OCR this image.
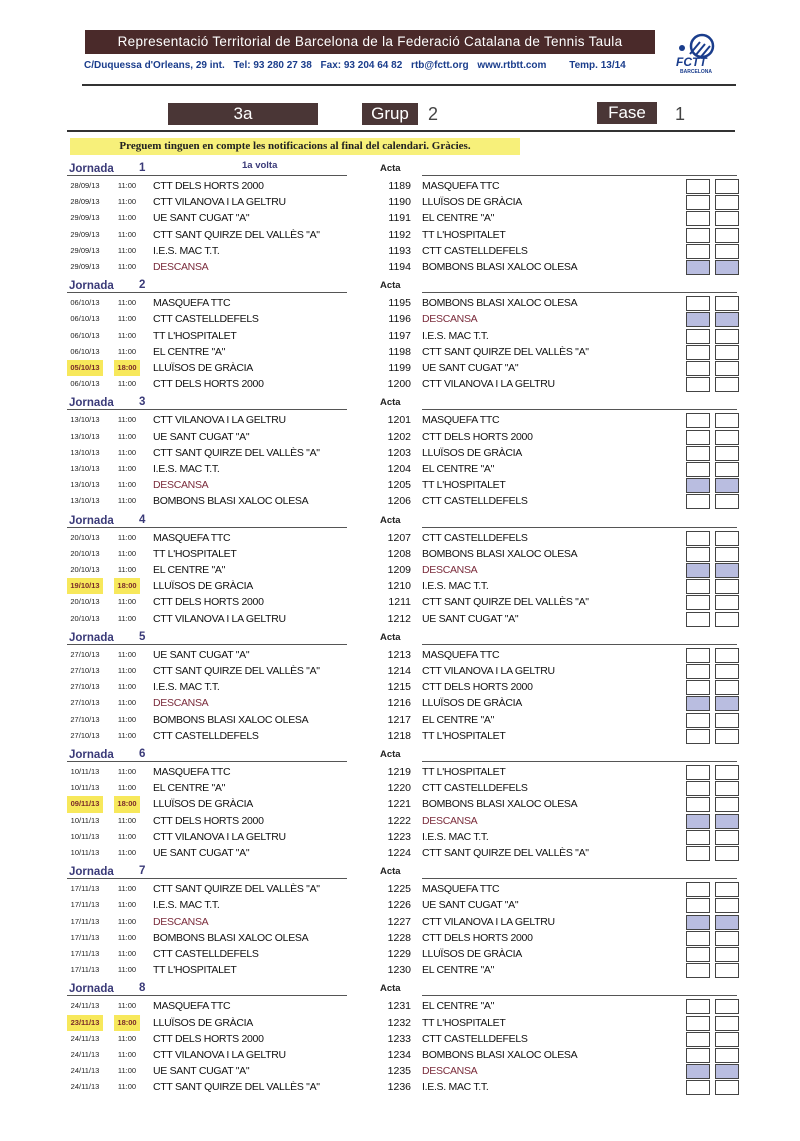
Representació Territorial de Barcelona de la Federació Catalana de Tennis Taula
C/Duquessa d'Orleans, 29 int. Tel: 93 280 27 38 Fax: 93 204 64 82 rtb@fctt.org www.rtbtt.com Temp. 13/14	FCTT
BARCELONA
3a	Grup	2	Fase	1
Preguem tinguen en compte les notificacions al final del calendari. Gràcies.
Jornada 1	1a volta	Acta
28/09/13	11:00	CTT DELS HORTS 2000	1189 MASQUEFA TTC
28/09/13	11:00	CTT VILANOVA I LA GELTRU	1190 LLUÏSOS DE GRÀCIA
29/09/13	11:00	UE SANT CUGAT "A"	1191 EL CENTRE "A"
29/09/13	11:00	CTT SANT QUIRZE DEL VALLÈS "A"	1192 TT L'HOSPITALET
29/09/13	11:00	I.E.S. MAC T.T.	1193 CTT CASTELLDEFELS
29/09/13	11:00	DESCANSA	1194 BOMBONS BLASI XALOC OLESA
Jornada 2	Acta
06/10/13	11:00	MASQUEFA TTC	1195 BOMBONS BLASI XALOC OLESA
06/10/13	11:00	CTT CASTELLDEFELS	1196 DESCANSA
06/10/13	11:00	TT L'HOSPITALET	1197 I.E.S. MAC T.T.
06/10/13	11:00	EL CENTRE "A"	1198 CTT SANT QUIRZE DEL VALLÈS "A"
05/10/13	18:00	LLUÏSOS DE GRÀCIA	1199 UE SANT CUGAT "A"
06/10/13	11:00	CTT DELS HORTS 2000	1200 CTT VILANOVA I LA GELTRU
Jornada 3	Acta
13/10/13	11:00	CTT VILANOVA I LA GELTRU	1201 MASQUEFA TTC
13/10/13	11:00	UE SANT CUGAT "A"	1202 CTT DELS HORTS 2000
13/10/13	11:00	CTT SANT QUIRZE DEL VALLÈS "A"	1203 LLUÏSOS DE GRÀCIA
13/10/13	11:00	I.E.S. MAC T.T.	1204 EL CENTRE "A"
13/10/13	11:00	DESCANSA	1205 TT L'HOSPITALET
13/10/13	11:00	BOMBONS BLASI XALOC OLESA	1206 CTT CASTELLDEFELS
Jornada 4	Acta
20/10/13	11:00	MASQUEFA TTC	1207 CTT CASTELLDEFELS
20/10/13	11:00	TT L'HOSPITALET	1208 BOMBONS BLASI XALOC OLESA
20/10/13	11:00	EL CENTRE "A"	1209 DESCANSA
19/10/13	18:00	LLUÏSOS DE GRÀCIA	1210 I.E.S. MAC T.T.
20/10/13	11:00	CTT DELS HORTS 2000	1211 CTT SANT QUIRZE DEL VALLÈS "A"
20/10/13	11:00	CTT VILANOVA I LA GELTRU	1212 UE SANT CUGAT "A"
Jornada 5	Acta
27/10/13	11:00	UE SANT CUGAT "A"	1213 MASQUEFA TTC
27/10/13	11:00	CTT SANT QUIRZE DEL VALLÈS "A"	1214 CTT VILANOVA I LA GELTRU
27/10/13	11:00	I.E.S. MAC T.T.	1215 CTT DELS HORTS 2000
27/10/13	11:00	DESCANSA	1216 LLUÏSOS DE GRÀCIA
27/10/13	11:00	BOMBONS BLASI XALOC OLESA	1217 EL CENTRE "A"
27/10/13	11:00	CTT CASTELLDEFELS	1218 TT L'HOSPITALET
Jornada 6	Acta
10/11/13	11:00	MASQUEFA TTC	1219 TT L'HOSPITALET
10/11/13	11:00	EL CENTRE "A"	1220 CTT CASTELLDEFELS
09/11/13	18:00	LLUÏSOS DE GRÀCIA	1221 BOMBONS BLASI XALOC OLESA
10/11/13	11:00	CTT DELS HORTS 2000	1222 DESCANSA
10/11/13	11:00	CTT VILANOVA I LA GELTRU	1223 I.E.S. MAC T.T.
10/11/13	11:00	UE SANT CUGAT "A"	1224 CTT SANT QUIRZE DEL VALLÈS "A"
Jornada 7	Acta
17/11/13	11:00	CTT SANT QUIRZE DEL VALLÈS "A"	1225 MASQUEFA TTC
17/11/13	11:00	I.E.S. MAC T.T.	1226 UE SANT CUGAT "A"
17/11/13	11:00	DESCANSA	1227 CTT VILANOVA I LA GELTRU
17/11/13	11:00	BOMBONS BLASI XALOC OLESA	1228 CTT DELS HORTS 2000
17/11/13	11:00	CTT CASTELLDEFELS	1229 LLUÏSOS DE GRÀCIA
17/11/13	11:00	TT L'HOSPITALET	1230 EL CENTRE "A"
Jornada 8	Acta
24/11/13	11:00	MASQUEFA TTC	1231 EL CENTRE "A"
23/11/13	18:00	LLUÏSOS DE GRÀCIA	1232 TT L'HOSPITALET
24/11/13	11:00	CTT DELS HORTS 2000	1233 CTT CASTELLDEFELS
24/11/13	11:00	CTT VILANOVA I LA GELTRU	1234 BOMBONS BLASI XALOC OLESA
24/11/13	11:00	UE SANT CUGAT "A"	1235 DESCANSA
24/11/13	11:00	CTT SANT QUIRZE DEL VALLÈS "A"	1236 I.E.S. MAC T.T.
